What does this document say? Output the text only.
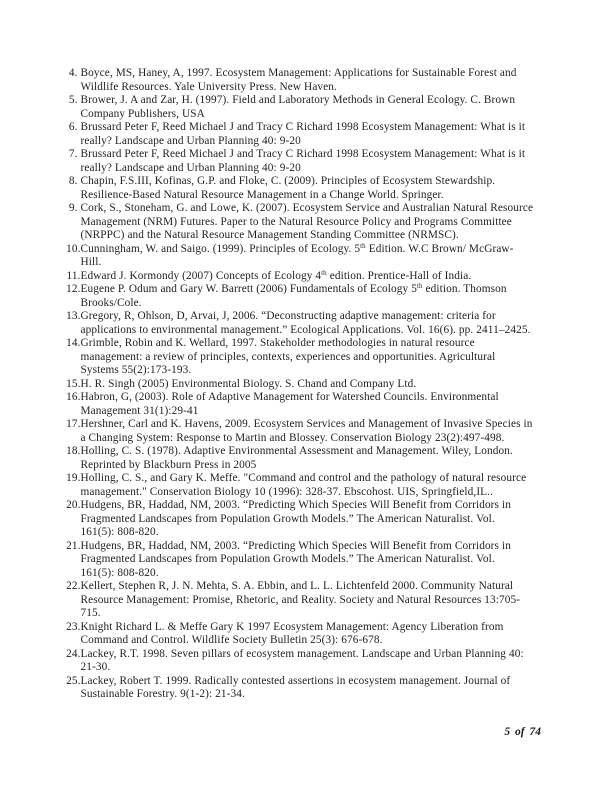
4. Boyce, MS, Haney, A, 1997. Ecosystem Management: Applications for Sustainable Forest and
Wildlife Resources. Yale University Press. New Haven.
5. Brower, J. A and Zar, H. (1997). Field and Laboratory Methods in General Ecology. C. Brown
Company Publishers, USA
6. Brussard Peter F, Reed Michael J and Tracy C Richard 1998 Ecosystem Management: What is it
really? Landscape and Urban Planning 40: 9-20
7. Brussard Peter F, Reed Michael J and Tracy C Richard 1998 Ecosystem Management: What is it
really? Landscape and Urban Planning 40: 9-20
8. Chapin, F.S.III, Kofinas, G.P. and Floke, C. (2009). Principles of Ecosystem Stewardship.
Resilience-Based Natural Resource Management in a Change World. Springer.
9. Cork, S., Stoneham, G. and Lowe, K. (2007). Ecosystem Service and Australian Natural Resource
Management (NRM) Futures. Paper to the Natural Resource Policy and Programs Committee
(NRPPC) and the Natural Resource Management Standing Committee (NRMSC).
10. Cunningham, W. and Saigo. (1999). Principles of Ecology. 5th Edition. W.C Brown/ McGraw-
Hill.
11. Edward J. Kormondy (2007) Concepts of Ecology 4th edition. Prentice-Hall of India.
12. Eugene P. Odum and Gary W. Barrett (2006) Fundamentals of Ecology 5th edition. Thomson
Brooks/Cole.
13. Gregory, R, Ohlson, D, Arvai, J, 2006. “Deconstructing adaptive management: criteria for
applications to environmental management.” Ecological Applications. Vol. 16(6). pp. 2411–2425.
14. Grimble, Robin and K. Wellard, 1997. Stakeholder methodologies in natural resource
management: a review of principles, contexts, experiences and opportunities. Agricultural
Systems 55(2):173-193.
15. H. R. Singh (2005) Environmental Biology. S. Chand and Company Ltd.
16. Habron, G, (2003). Role of Adaptive Management for Watershed Councils. Environmental
Management 31(1):29-41
17. Hershner, Carl and K. Havens, 2009. Ecosystem Services and Management of Invasive Species in
a Changing System: Response to Martin and Blossey. Conservation Biology 23(2):497-498.
18. Holling, C. S. (1978). Adaptive Environmental Assessment and Management. Wiley, London.
Reprinted by Blackburn Press in 2005
19. Holling, C. S., and Gary K. Meffe. "Command and control and the pathology of natural resource
management." Conservation Biology 10 (1996): 328-37. Ebscohost. UIS, Springfield,IL..
20. Hudgens, BR, Haddad, NM, 2003. “Predicting Which Species Will Benefit from Corridors in
Fragmented Landscapes from Population Growth Models.” The American Naturalist. Vol.
161(5): 808-820.
21. Hudgens, BR, Haddad, NM, 2003. “Predicting Which Species Will Benefit from Corridors in
Fragmented Landscapes from Population Growth Models.” The American Naturalist. Vol.
161(5): 808-820.
22. Kellert, Stephen R, J. N. Mehta, S. A. Ebbin, and L. L. Lichtenfeld 2000. Community Natural
Resource Management: Promise, Rhetoric, and Reality. Society and Natural Resources 13:705-
715.
23. Knight Richard L. & Meffe Gary K 1997 Ecosystem Management: Agency Liberation from
Command and Control. Wildlife Society Bulletin 25(3): 676-678.
24. Lackey, R.T. 1998. Seven pillars of ecosystem management. Landscape and Urban Planning 40:
21-30.
25. Lackey, Robert T. 1999. Radically contested assertions in ecosystem management. Journal of
Sustainable Forestry. 9(1-2): 21-34.
5 of 74
